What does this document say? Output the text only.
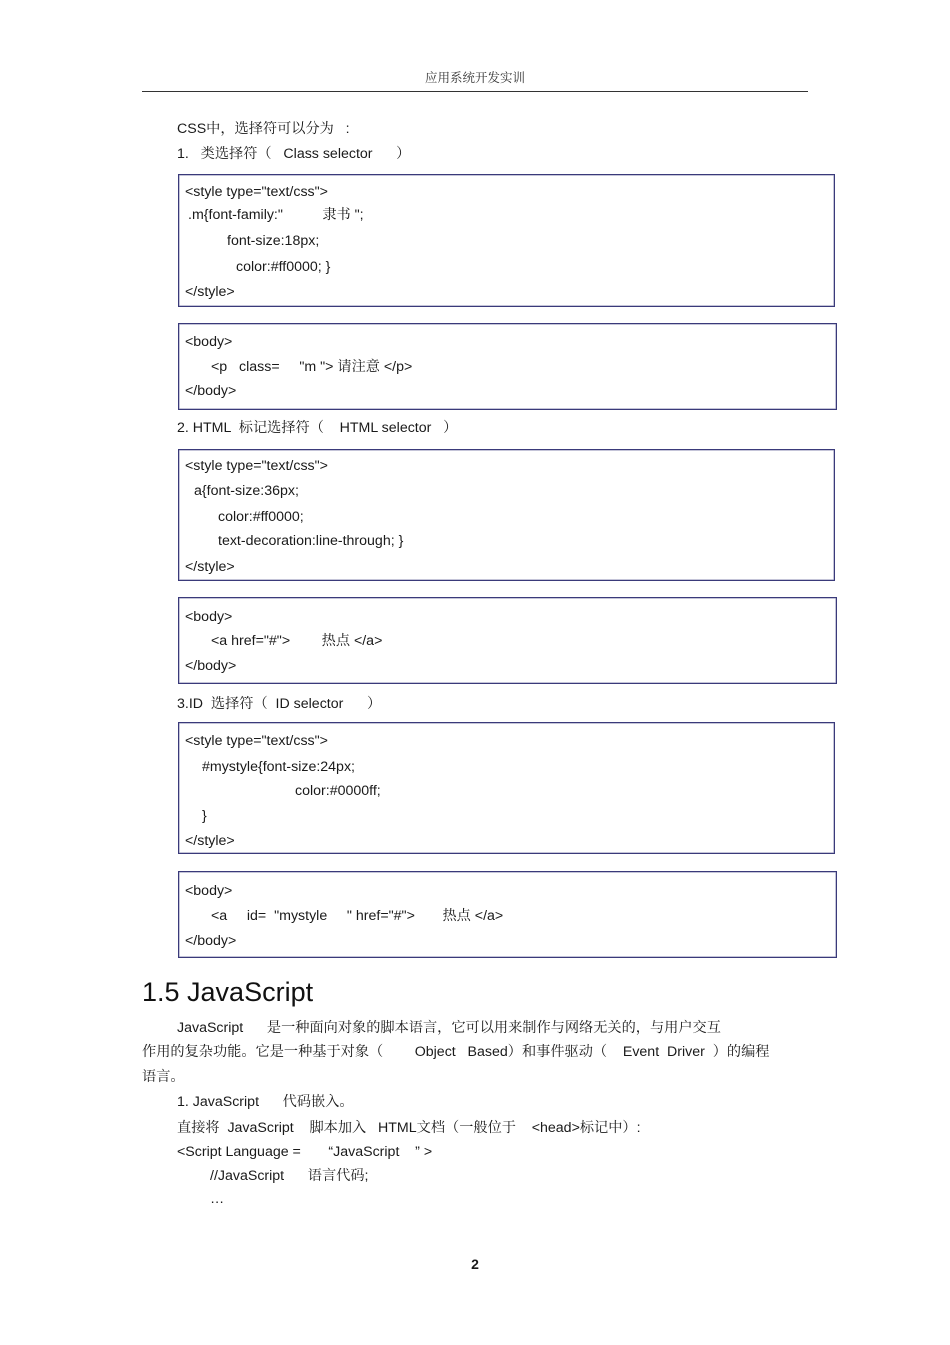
应用系统开发实训
CSS中，选择符可以分为   :
1.   类选择符（   Class selector      ）
<style type="text/css">
.m{font-family:"          隶书 ";
font-size:18px;
color:#ff0000; }
</style>
<body>
<p   class=     "m "> 请注意 </p>
</body>
2. HTML  标记选择符（    HTML selector   ）
<style type="text/css">
a{font-size:36px;
color:#ff0000;
text-decoration:line-through; }
</style>
<body>
<a href="#">        热点 </a>
</body>
3.ID  选择符（  ID selector      ）
<style type="text/css">
#mystyle{font-size:24px;
color:#0000ff;
}
</style>
<body>
<a     id=  "mystyle     " href="#">       热点 </a>
</body>
1.5 JavaScript
JavaScript      是一种面向对象的脚本语言，它可以用来制作与网络无关的，与用户交互
作用的复杂功能。它是一种基于对象（        Object   Based）和事件驱动（    Event  Driver  ）的编程
语言。
1. JavaScript      代码嵌入。
直接将  JavaScript    脚本加入   HTML文档（一般位于    <head>标记中）:
<Script Language =       “JavaScript    ” >
//JavaScript      语言代码;
…
2
